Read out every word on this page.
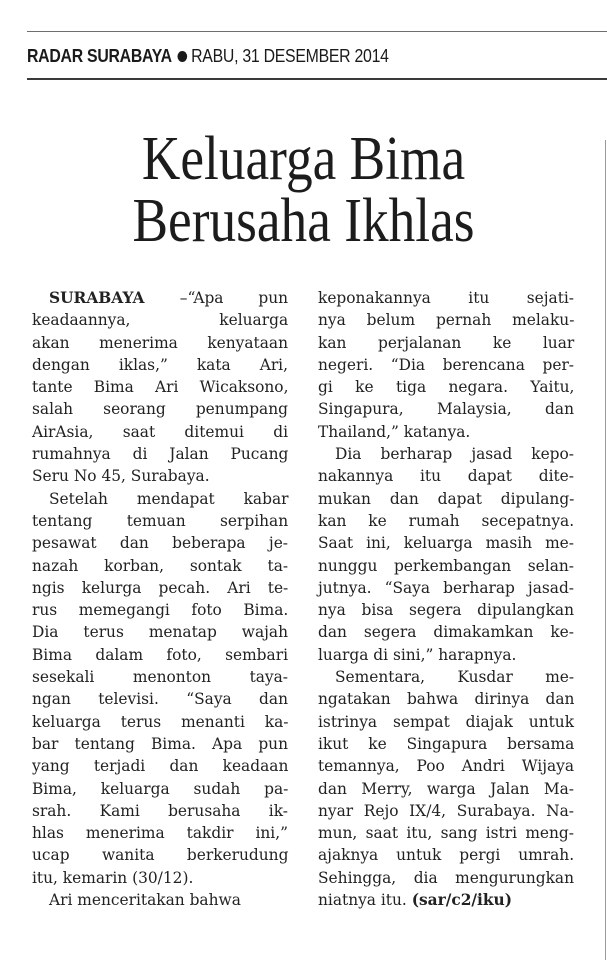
RADAR SURABAYA RABU, 31 DESEMBER 2014
Keluarga Bima
Berusaha Ikhlas
SURABAYA –“Apa pun
keadaannya, keluarga
akan menerima kenyataan
dengan iklas,” kata Ari,
tante Bima Ari Wicaksono,
salah seorang penumpang
AirAsia, saat ditemui di
rumahnya di Jalan Pucang
Seru No 45, Surabaya.
Setelah mendapat kabar
tentang temuan serpihan
pesawat dan beberapa je-
nazah korban, sontak ta-
ngis kelurga pecah. Ari te-
rus memegangi foto Bima.
Dia terus menatap wajah
Bima dalam foto, sembari
sesekali menonton taya-
ngan televisi. “Saya dan
keluarga terus menanti ka-
bar tentang Bima. Apa pun
yang terjadi dan keadaan
Bima, keluarga sudah pa-
srah. Kami berusaha ik-
hlas menerima takdir ini,”
ucap wanita berkerudung
itu, kemarin (30/12).
Ari menceritakan bahwa
keponakannya itu sejati-
nya belum pernah melaku-
kan perjalanan ke luar
negeri. “Dia berencana per-
gi ke tiga negara. Yaitu,
Singapura, Malaysia, dan
Thailand,” katanya.
Dia berharap jasad kepo-
nakannya itu dapat dite-
mukan dan dapat dipulang-
kan ke rumah secepatnya.
Saat ini, keluarga masih me-
nunggu perkembangan selan-
jutnya. “Saya berharap jasad-
nya bisa segera dipulangkan
dan segera dimakamkan ke-
luarga di sini,” harapnya.
Sementara, Kusdar me-
ngatakan bahwa dirinya dan
istrinya sempat diajak untuk
ikut ke Singapura bersama
temannya, Poo Andri Wijaya
dan Merry, warga Jalan Ma-
nyar Rejo IX/4, Surabaya. Na-
mun, saat itu, sang istri meng-
ajaknya untuk pergi umrah.
Sehingga, dia mengurungkan
niatnya itu. (sar/c2/iku)
